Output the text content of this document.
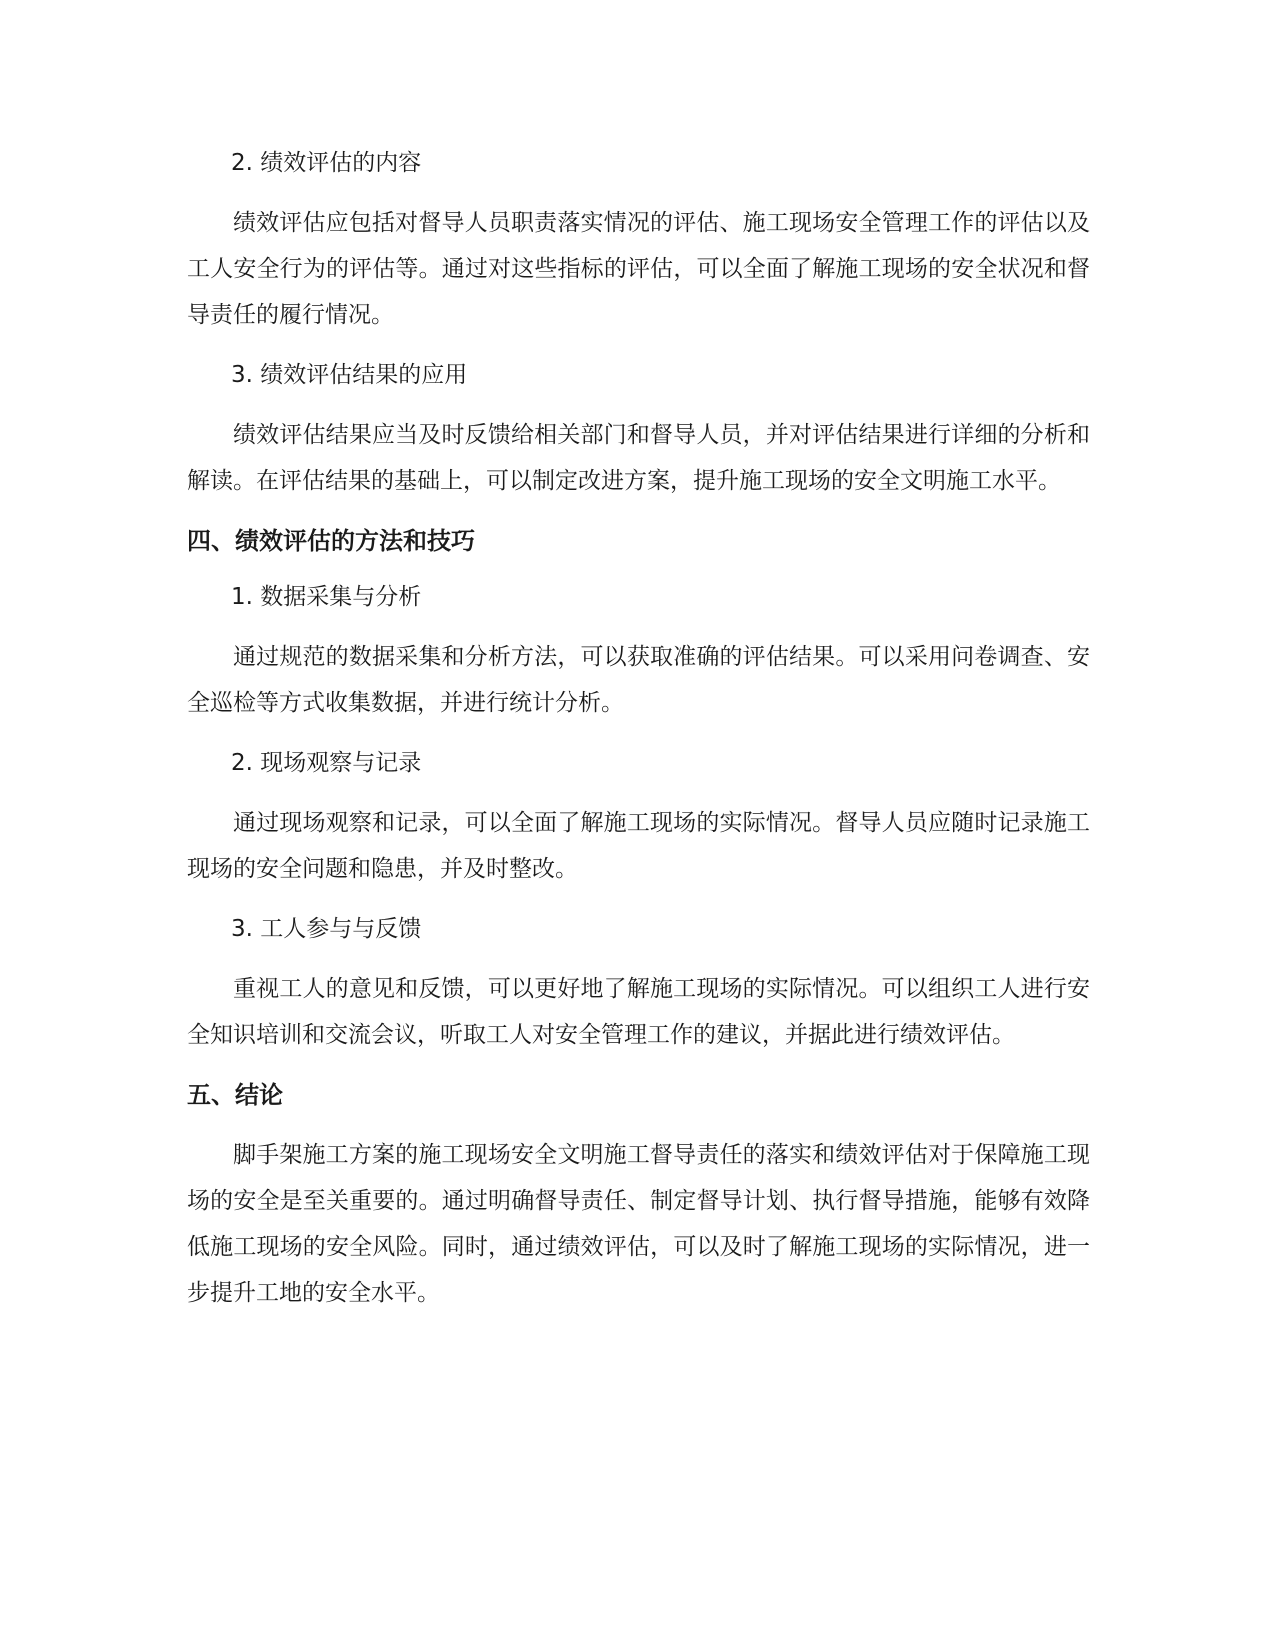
2. 绩效评估的内容

绩效评估应包括对督导人员职责落实情况的评估、施工现场安全管理工作的评估以及工人安全行为的评估等。通过对这些指标的评估，可以全面了解施工现场的安全状况和督导责任的履行情况。

3. 绩效评估结果的应用

绩效评估结果应当及时反馈给相关部门和督导人员，并对评估结果进行详细的分析和解读。在评估结果的基础上，可以制定改进方案，提升施工现场的安全文明施工水平。

四、绩效评估的方法和技巧

1. 数据采集与分析

通过规范的数据采集和分析方法，可以获取准确的评估结果。可以采用问卷调查、安全巡检等方式收集数据，并进行统计分析。

2. 现场观察与记录

通过现场观察和记录，可以全面了解施工现场的实际情况。督导人员应随时记录施工现场的安全问题和隐患，并及时整改。

3. 工人参与与反馈

重视工人的意见和反馈，可以更好地了解施工现场的实际情况。可以组织工人进行安全知识培训和交流会议，听取工人对安全管理工作的建议，并据此进行绩效评估。

五、结论

脚手架施工方案的施工现场安全文明施工督导责任的落实和绩效评估对于保障施工现场的安全是至关重要的。通过明确督导责任、制定督导计划、执行督导措施，能够有效降低施工现场的安全风险。同时，通过绩效评估，可以及时了解施工现场的实际情况，进一步提升工地的安全水平。
